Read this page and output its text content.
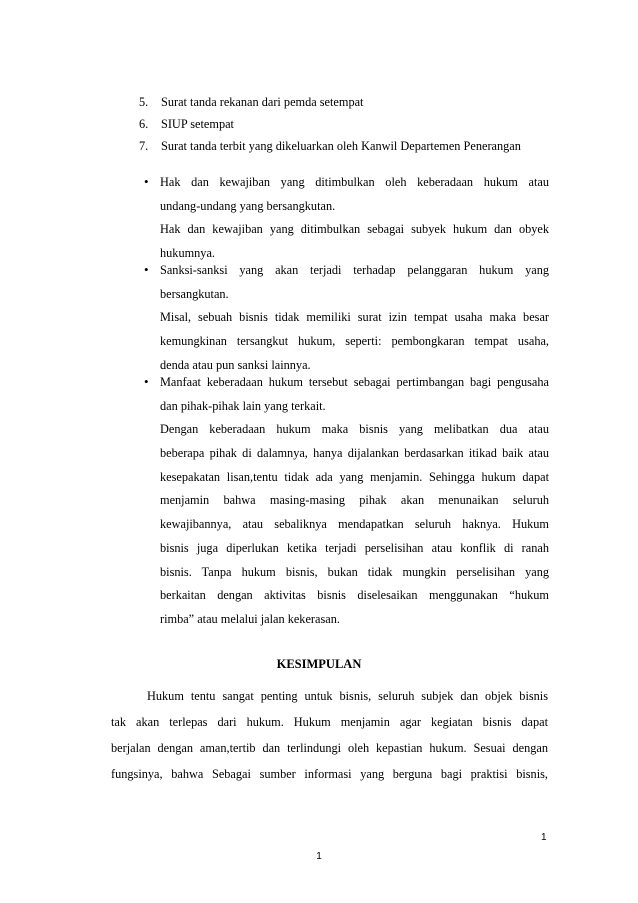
5. Surat tanda rekanan dari pemda setempat
6. SIUP setempat
7. Surat tanda terbit yang dikeluarkan oleh Kanwil Departemen Penerangan
• Hak dan kewajiban yang ditimbulkan oleh keberadaan hukum atau
undang-undang yang bersangkutan.
Hak dan kewajiban yang ditimbulkan sebagai subyek hukum dan obyek
hukumnya.
• Sanksi-sanksi yang akan terjadi terhadap pelanggaran hukum yang
bersangkutan.
Misal, sebuah bisnis tidak memiliki surat izin tempat usaha maka besar
kemungkinan tersangkut hukum, seperti: pembongkaran tempat usaha,
denda atau pun sanksi lainnya.
• Manfaat keberadaan hukum tersebut sebagai pertimbangan bagi pengusaha
dan pihak-pihak lain yang terkait.
Dengan keberadaan hukum maka bisnis yang melibatkan dua atau
beberapa pihak di dalamnya, hanya dijalankan berdasarkan itikad baik atau
kesepakatan lisan,tentu tidak ada yang menjamin. Sehingga hukum dapat
menjamin bahwa masing-masing pihak akan menunaikan seluruh
kewajibannya, atau sebaliknya mendapatkan seluruh haknya. Hukum
bisnis juga diperlukan ketika terjadi perselisihan atau konflik di ranah
bisnis. Tanpa hukum bisnis, bukan tidak mungkin perselisihan yang
berkaitan dengan aktivitas bisnis diselesaikan menggunakan “hukum
rimba” atau melalui jalan kekerasan.
KESIMPULAN
Hukum tentu sangat penting untuk bisnis, seluruh subjek dan objek bisnis
tak akan terlepas dari hukum. Hukum menjamin agar kegiatan bisnis dapat
berjalan dengan aman,tertib dan terlindungi oleh kepastian hukum. Sesuai dengan
fungsinya, bahwa Sebagai sumber informasi yang berguna bagi praktisi bisnis,
1
1
